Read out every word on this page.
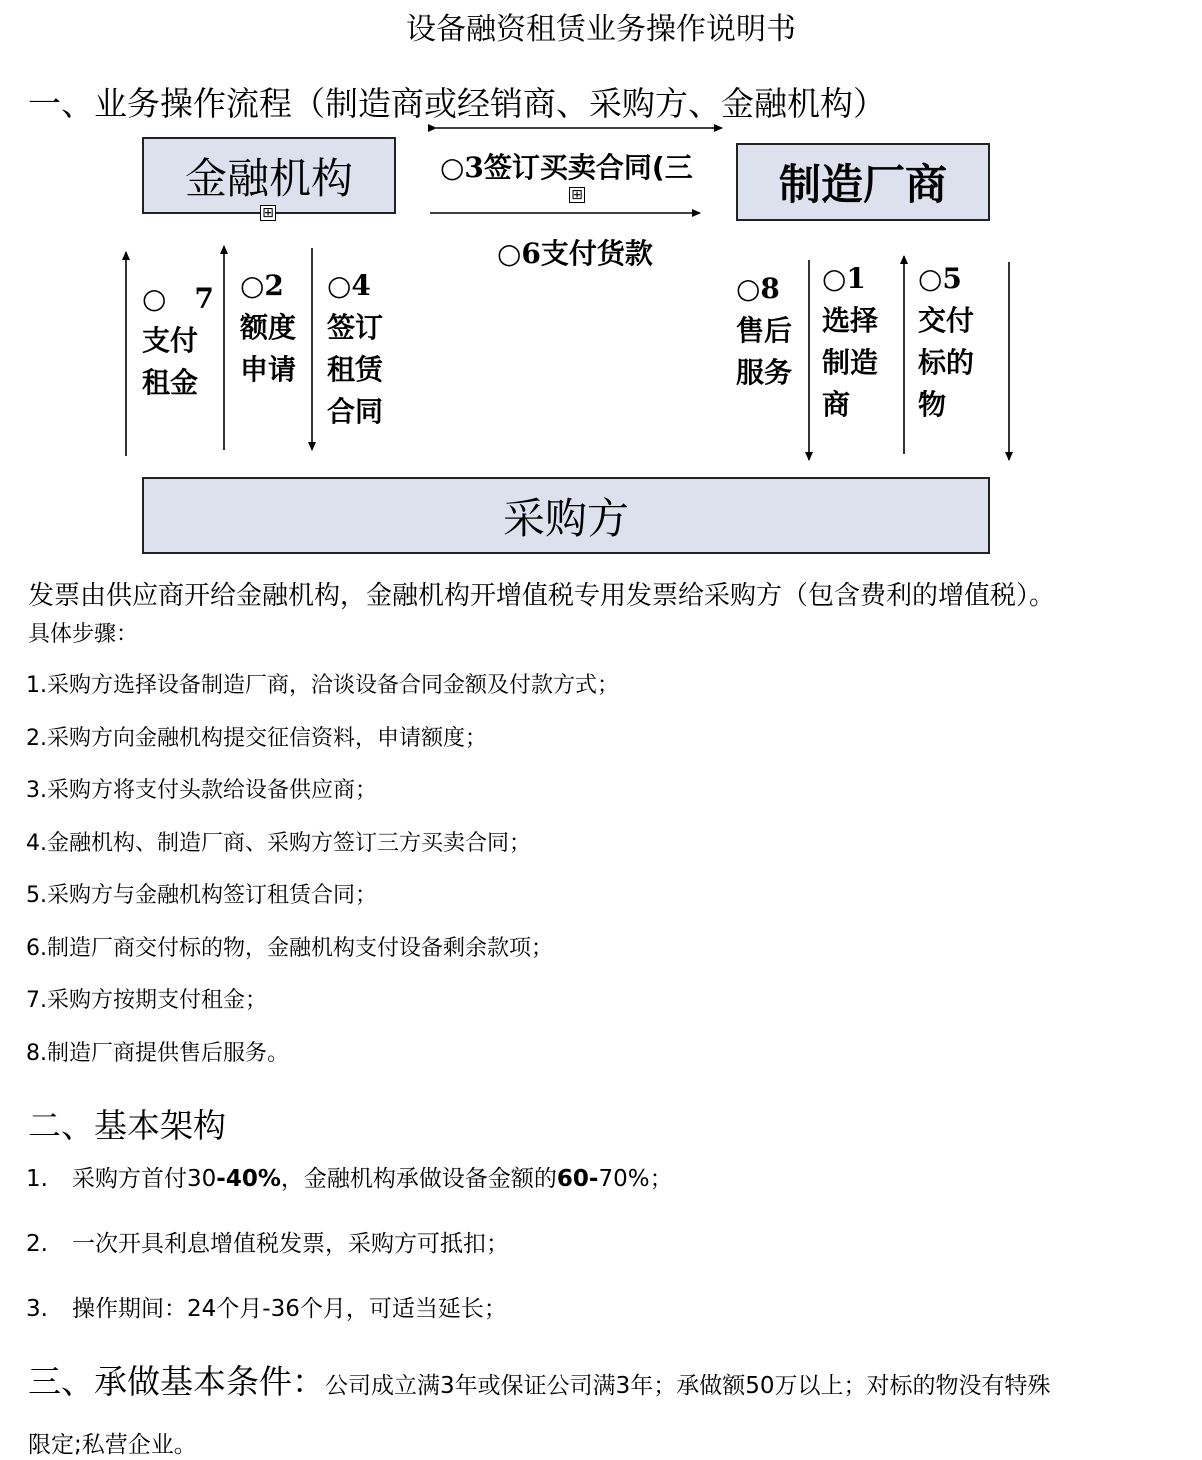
设备融资租赁业务操作说明书
一、业务操作流程（制造商或经销商、采购方、金融机构）
金融机构
⊞
制造厂商
采购方
○3签订买卖合同(三
⊞
○6支付货款
○　7
支付
租金
○2
额度
申请
○4
签订
租赁
合同
○8
售后
服务
○1
选择
制造
商
○5
交付
标的
物
发票由供应商开给金融机构，金融机构开增值税专用发票给采购方（包含费利的增值税）。
具体步骤：
1.采购方选择设备制造厂商，洽谈设备合同金额及付款方式；
2.采购方向金融机构提交征信资料，申请额度；
3.采购方将支付头款给设备供应商；
4.金融机构、制造厂商、采购方签订三方买卖合同；
5.采购方与金融机构签订租赁合同；
6.制造厂商交付标的物，金融机构支付设备剩余款项；
7.采购方按期支付租金；
8.制造厂商提供售后服务。
二、基本架构
1. 采购方首付30-40%，金融机构承做设备金额的60-70%；
2. 一次开具利息增值税发票，采购方可抵扣；
3. 操作期间：24个月-36个月，可适当延长；
三、承做基本条件：公司成立满3年或保证公司满3年；承做额50万以上；对标的物没有特殊
限定;私营企业。
